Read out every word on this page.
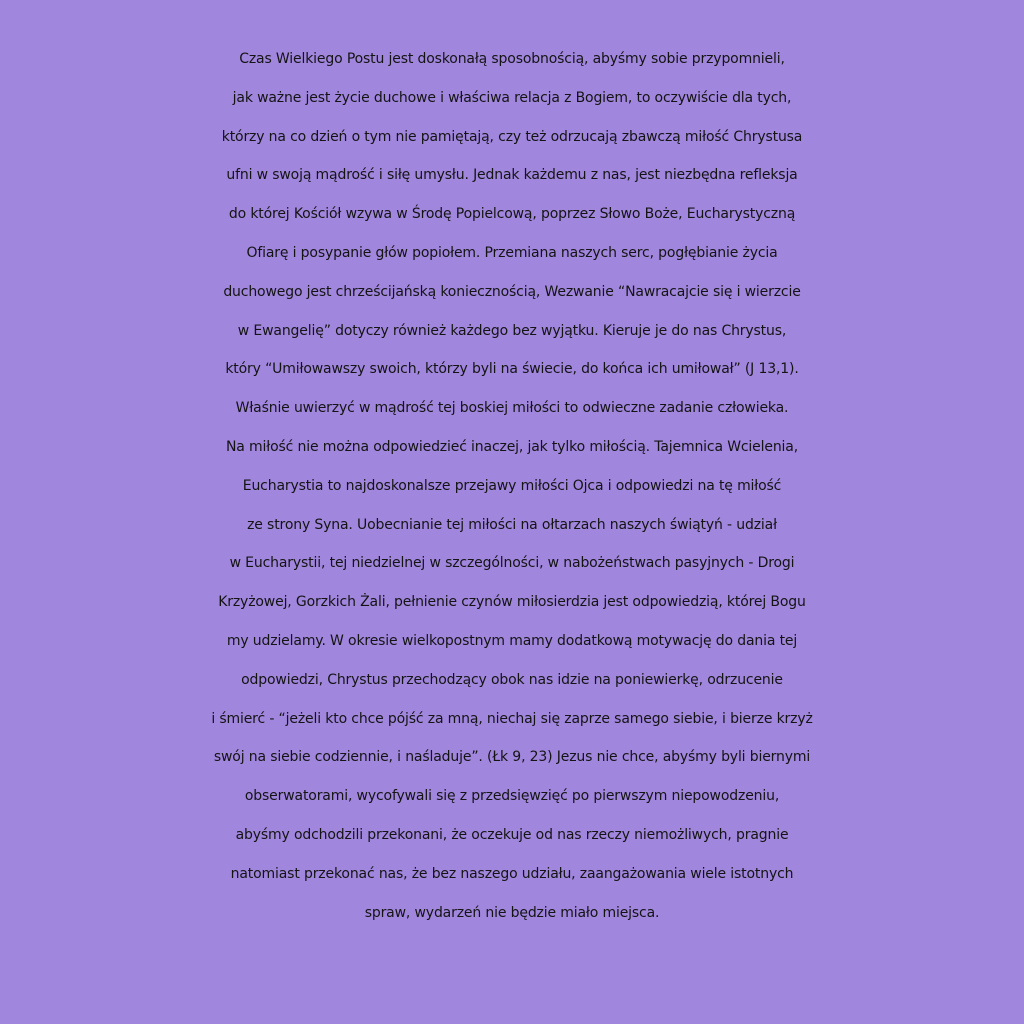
Czas Wielkiego Postu jest doskonałą sposobnością, abyśmy sobie przypomnieli,
jak ważne jest życie duchowe i właściwa relacja z Bogiem, to oczywiście dla tych,
którzy na co dzień o tym nie pamiętają, czy też odrzucają zbawczą miłość Chrystusa
ufni w swoją mądrość i siłę umysłu. Jednak każdemu z nas, jest niezbędna refleksja
do której Kościół wzywa w Środę Popielcową, poprzez Słowo Boże, Eucharystyczną
Ofiarę i posypanie głów popiołem. Przemiana naszych serc, pogłębianie życia
duchowego jest chrześcijańską koniecznością, Wezwanie “Nawracajcie się i wierzcie
w Ewangelię” dotyczy również każdego bez wyjątku. Kieruje je do nas Chrystus,
który “Umiłowawszy swoich, którzy byli na świecie, do końca ich umiłował” (J 13,1).
Właśnie uwierzyć w mądrość tej boskiej miłości to odwieczne zadanie człowieka.
Na miłość nie można odpowiedzieć inaczej, jak tylko miłością. Tajemnica Wcielenia,
Eucharystia to najdoskonalsze przejawy miłości Ojca i odpowiedzi na tę miłość
ze strony Syna. Uobecnianie tej miłości na ołtarzach naszych świątyń - udział
w Eucharystii, tej niedzielnej w szczególności, w nabożeństwach pasyjnych - Drogi
Krzyżowej, Gorzkich Żali, pełnienie czynów miłosierdzia jest odpowiedzią, której Bogu
my udzielamy. W okresie wielkopostnym mamy dodatkową motywację do dania tej
odpowiedzi, Chrystus przechodzący obok nas idzie na poniewierkę, odrzucenie
i śmierć - “jeżeli kto chce pójść za mną, niechaj się zaprze samego siebie, i bierze krzyż
swój na siebie codziennie, i naśladuje”. (Łk 9, 23) Jezus nie chce, abyśmy byli biernymi
obserwatorami, wycofywali się z przedsięwzięć po pierwszym niepowodzeniu,
abyśmy odchodzili przekonani, że oczekuje od nas rzeczy niemożliwych, pragnie
natomiast przekonać nas, że bez naszego udziału, zaangażowania wiele istotnych
spraw, wydarzeń nie będzie miało miejsca.
